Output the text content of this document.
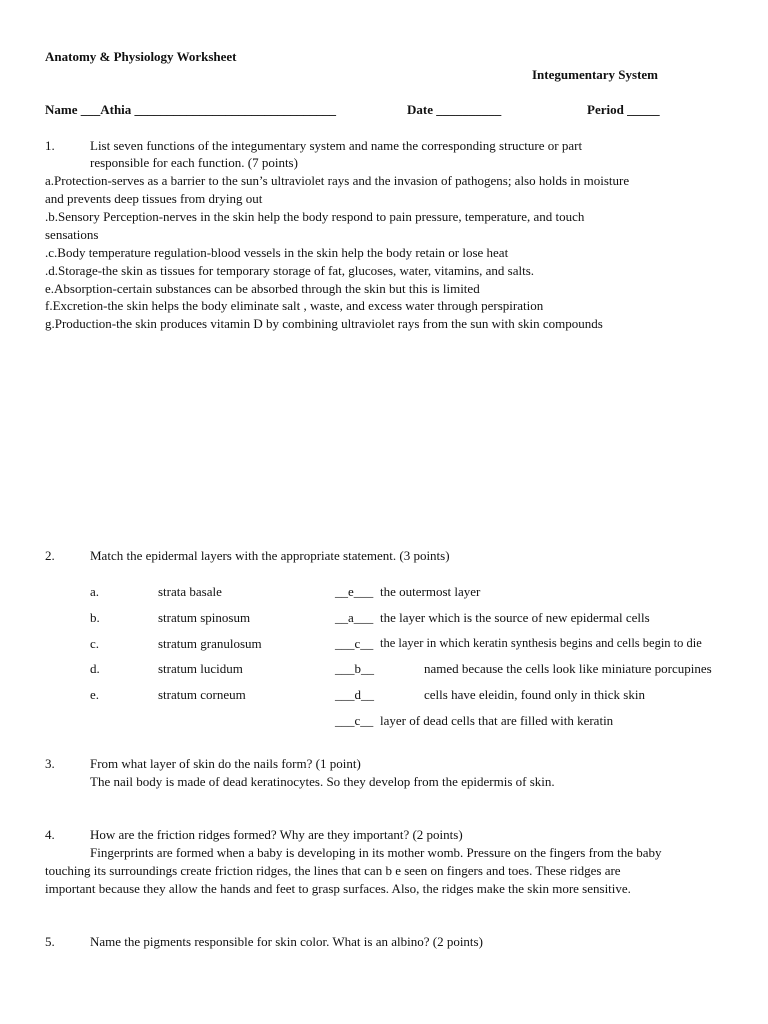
Anatomy & Physiology Worksheet
Integumentary System
Name ___Athia _______________________________	Date __________	Period _____
1.	List seven functions of the integumentary system and name the corresponding structure or part
responsible for each function. (7 points)
a.Protection-serves as a barrier to the sun’s ultraviolet rays and the invasion of pathogens; also holds in moisture
and prevents deep tissues from drying out
.b.Sensory Perception-nerves in the skin help the body respond to pain pressure, temperature, and touch
sensations
.c.Body temperature regulation-blood vessels in the skin help the body retain or lose heat
.d.Storage-the skin as tissues for temporary storage of fat, glucoses, water, vitamins, and salts.
e.Absorption-certain substances can be absorbed through the skin but this is limited
f.Excretion-the skin helps the body eliminate salt , waste, and excess water through perspiration
g.Production-the skin produces vitamin D by combining ultraviolet rays from the sun with skin compounds
2.	Match the epidermal layers with the appropriate statement. (3 points)
a.	strata basale	__e___ the outermost layer
b.	stratum spinosum	__a___ the layer which is the source of new epidermal cells
c.	stratum granulosum	___c__ the layer in which keratin synthesis begins and cells begin to die
d.	stratum lucidum	___b__	named because the cells look like miniature porcupines
e.	stratum corneum	___d__	cells have eleidin, found only in thick skin
___c__ layer of dead cells that are filled with keratin
3.	From what layer of skin do the nails form? (1 point)
The nail body is made of dead keratinocytes. So they develop from the epidermis of skin.
4.	How are the friction ridges formed? Why are they important? (2 points)
Fingerprints are formed when a baby is developing in its mother womb. Pressure on the fingers from the baby
touching its surroundings create friction ridges, the lines that can b e seen on fingers and toes. These ridges are
important because they allow the hands and feet to grasp surfaces. Also, the ridges make the skin more sensitive.
5.	Name the pigments responsible for skin color. What is an albino? (2 points)
